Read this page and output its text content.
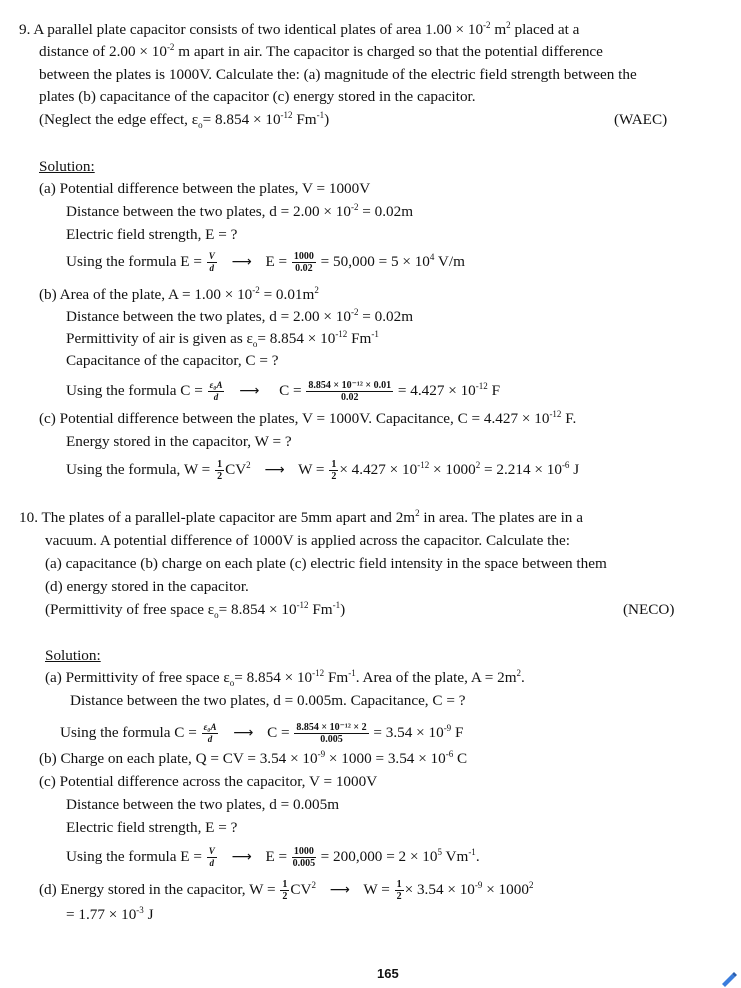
9. A parallel plate capacitor consists of two identical plates of area $1.00 \times 10^{-2}$ $m^2$ placed at a
distance of $2.00 \times 10^{-2}$ m apart in air. The capacitor is charged so that the potential difference
between the plates is 1000V. Calculate the: (a) magnitude of the electric field strength between the
plates (b) capacitance of the capacitor (c) energy stored in the capacitor.
(Neglect the edge effect, $\varepsilon_o= 8.854 \times 10^{-12}$ $Fm^{-1}$)	(WAEC)
Solution:
(a) Potential difference between the plates, V = 1000V
Distance between the two plates, $d = 2.00 \times 10^{-2} = 0.02m$
Electric field strength, E = ?
Using the formula $E = \frac{V}{d}$ ⟶ $E = \frac{1000}{0.02} = 50,000 = 5 \times 10^4$ V/m
(b) Area of the plate, $A = 1.00 \times 10^{-2} = 0.01m^2$
Distance between the two plates, $d = 2.00 \times 10^{-2} = 0.02m$
Permittivity of air is given as $\varepsilon_o= 8.854 \times 10^{-12}$ $Fm^{-1}$
Capacitance of the capacitor, C = ?
Using the formula $C = \frac{\text{ε₀A}}{d}$ ⟶ $C = \frac{\text{8.854 × 10⁻¹² × 0.01}}{0.02} = 4.427 \times 10^{-12}$ F
(c) Potential difference between the plates, V = 1000V. Capacitance, $C = 4.427 \times 10^{-12}$ F.
Energy stored in the capacitor, W = ?
Using the formula, $W = \frac{1}{2} CV^2$ ⟶ $W = \frac{1}{2} \times 4.427 \times 10^{-12} \times 1000^2 = 2.214 \times 10^{-6}$ J
10. The plates of a parallel-plate capacitor are 5mm apart and $2m^2$ in area. The plates are in a
vacuum. A potential difference of 1000V is applied across the capacitor. Calculate the:
(a) capacitance (b) charge on each plate (c) electric field intensity in the space between them
(d) energy stored in the capacitor.
(Permittivity of free space $\varepsilon_o= 8.854 \times 10^{-12}$ $Fm^{-1}$)	(NECO)
Solution:
(a) Permittivity of free space $\varepsilon_o= 8.854 \times 10^{-12}$ $Fm^{-1}$. Area of the plate, $A = 2m^2$.
Distance between the two plates, d = 0.005m. Capacitance, C = ?
Using the formula $C = \frac{\text{ε₀A}}{d}$ ⟶ $C = \frac{\text{8.854 × 10⁻¹² × 2}}{0.005} = 3.54 \times 10^{-9}$ F
(b) Charge on each plate, Q = CV = $3.54 \times 10^{-9} \times 1000 = 3.54 \times 10^{-6}$ C
(c) Potential difference across the capacitor, V = 1000V
Distance between the two plates, d = 0.005m
Electric field strength, E = ?
Using the formula $E = \frac{V}{d}$ ⟶ $E = \frac{1000}{0.005} = 200,000 = 2 \times 10^5$ $Vm^{-1}$.
(d) Energy stored in the capacitor, $W = \frac{1}{2} CV^2$ ⟶ $W = \frac{1}{2} \times 3.54 \times 10^{-9} \times 1000^2$
= $1.77 \times 10^{-3}$ J
165
